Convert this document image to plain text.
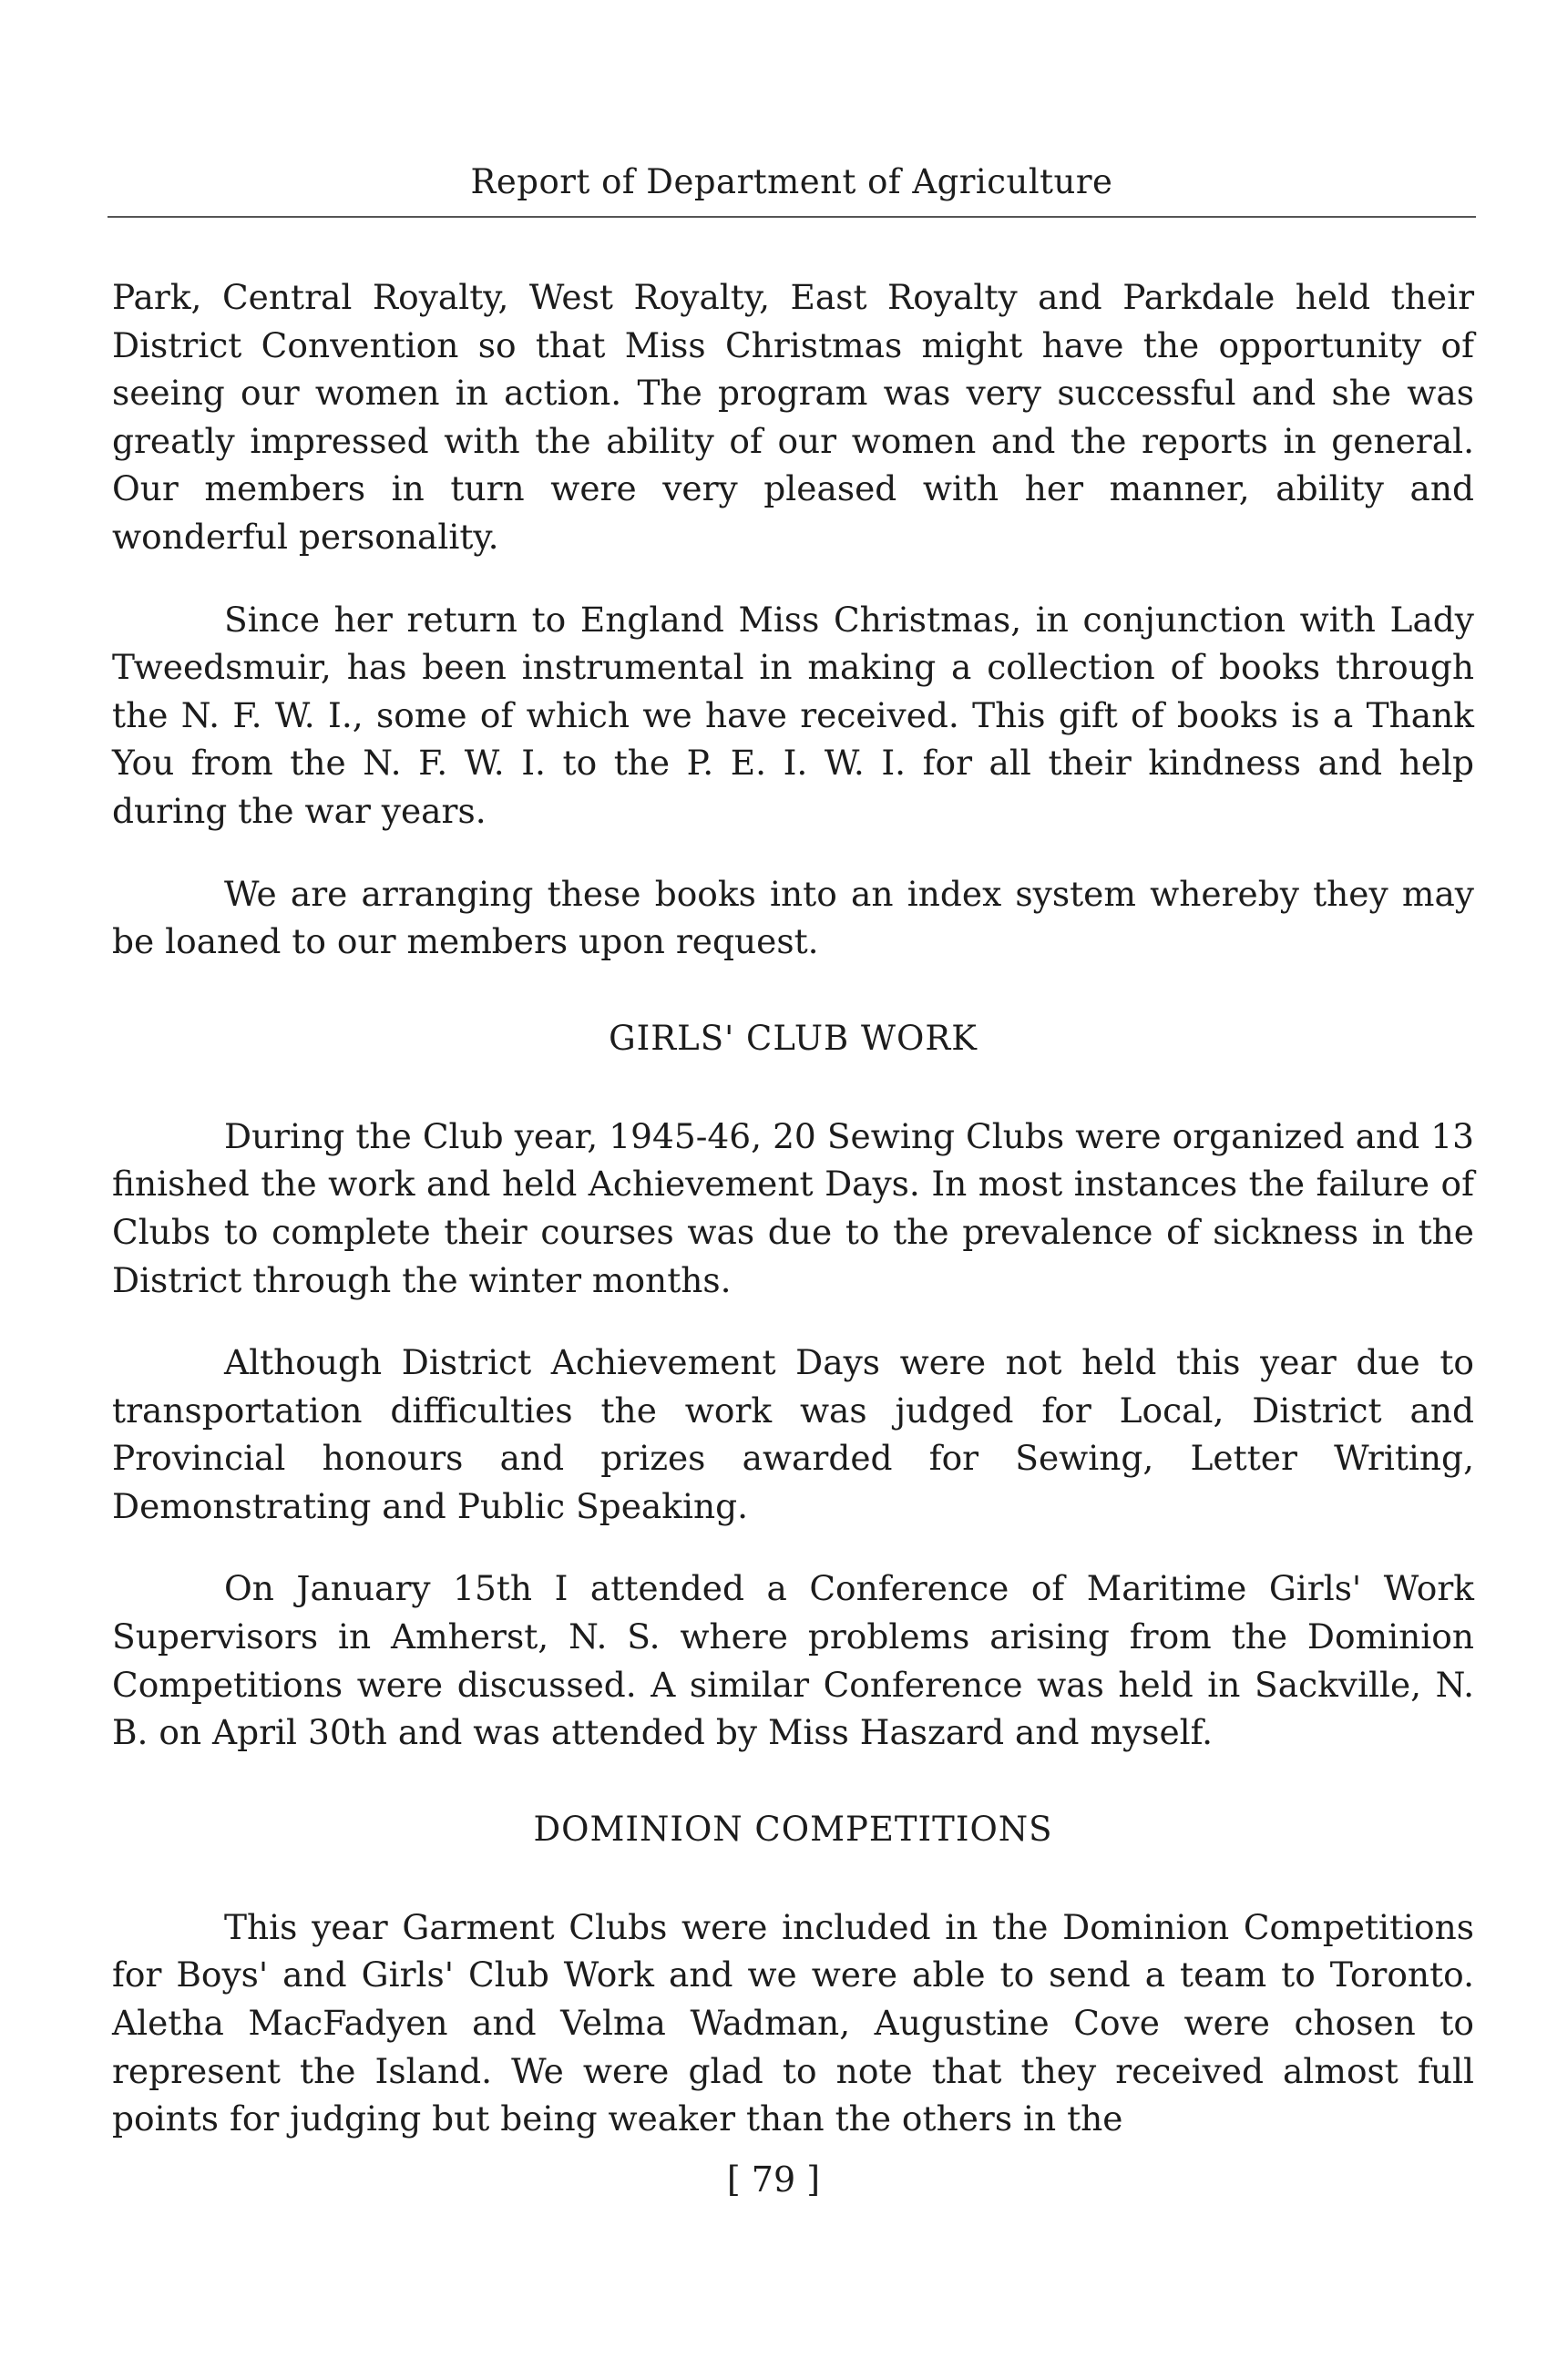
Report of Department of Agriculture

Park, Central Royalty, West Royalty, East Royalty and Parkdale held their District Convention so that Miss Christmas might have the opportunity of seeing our women in action. The program was very successful and she was greatly impressed with the ability of our women and the reports in general. Our members in turn were very pleased with her manner, ability and wonderful personality.

Since her return to England Miss Christmas, in conjunction with Lady Tweedsmuir, has been instrumental in making a collection of books through the N. F. W. I., some of which we have received. This gift of books is a Thank You from the N. F. W. I. to the P. E. I. W. I. for all their kindness and help during the war years.

We are arranging these books into an index system whereby they may be loaned to our members upon request.

GIRLS' CLUB WORK

During the Club year, 1945-46, 20 Sewing Clubs were organized and 13 finished the work and held Achievement Days. In most instances the failure of Clubs to complete their courses was due to the prevalence of sickness in the District through the winter months.

Although District Achievement Days were not held this year due to transportation difficulties the work was judged for Local, District and Provincial honours and prizes awarded for Sewing, Letter Writing, Demonstrating and Public Speaking.

On January 15th I attended a Conference of Maritime Girls' Work Supervisors in Amherst, N. S. where problems arising from the Dominion Competitions were discussed. A similar Conference was held in Sackville, N. B. on April 30th and was attended by Miss Haszard and myself.

DOMINION COMPETITIONS

This year Garment Clubs were included in the Dominion Competitions for Boys' and Girls' Club Work and we were able to send a team to Toronto. Aletha MacFadyen and Velma Wadman, Augustine Cove were chosen to represent the Island. We were glad to note that they received almost full points for judging but being weaker than the others in the

[ 79 ]
